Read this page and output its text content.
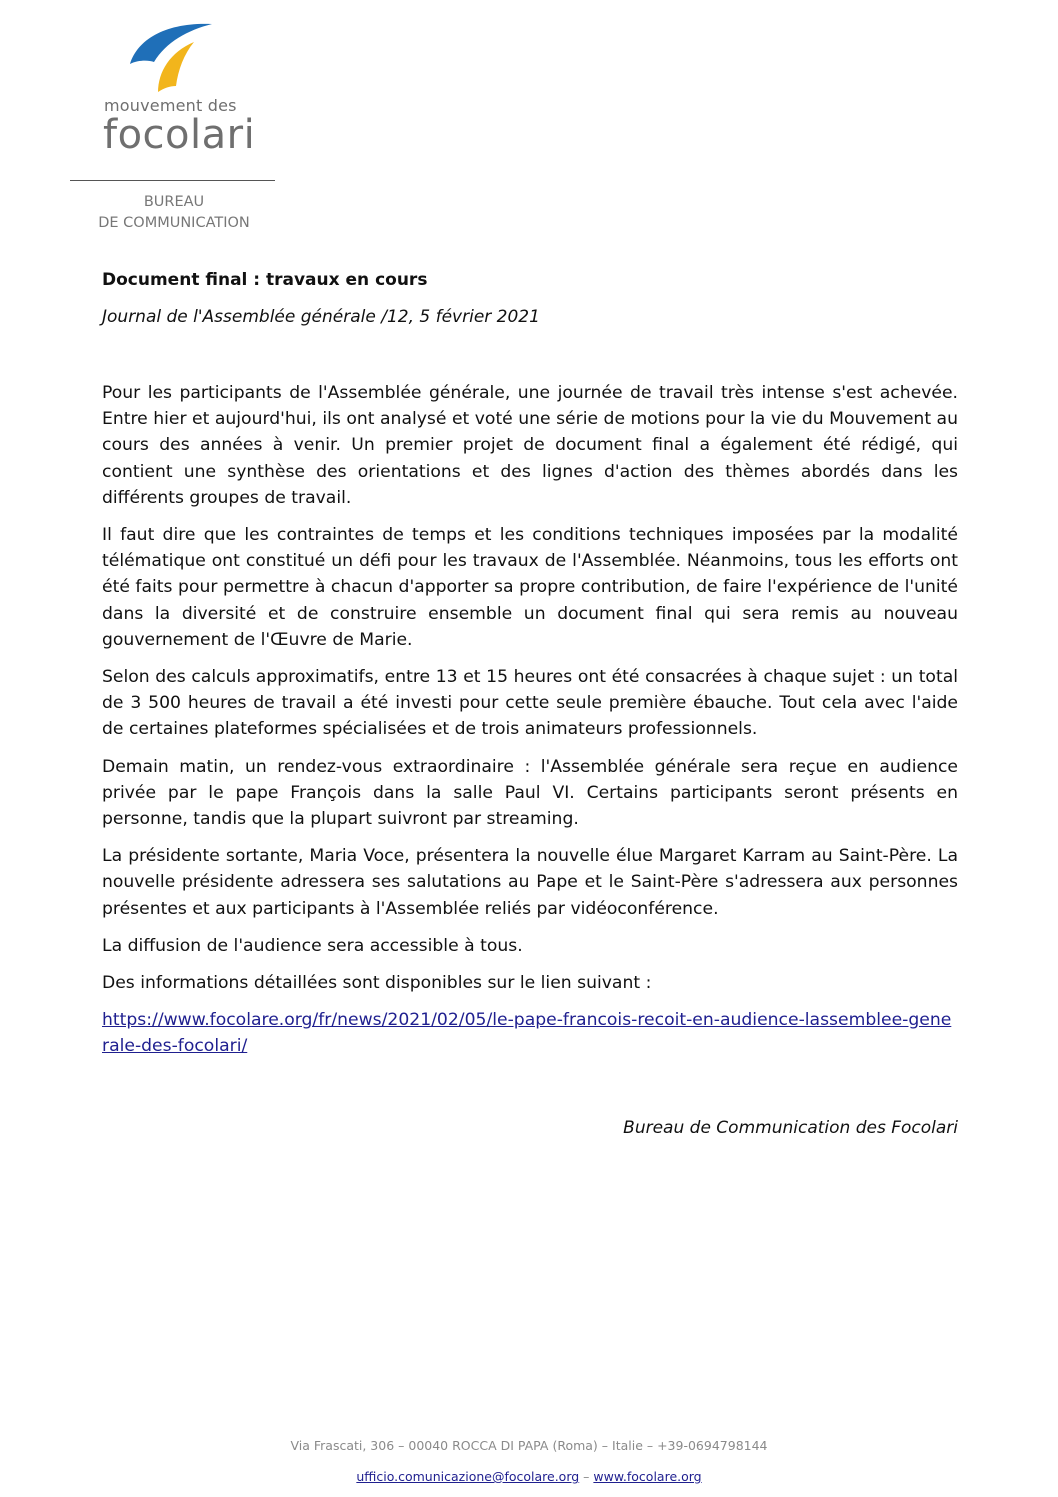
mouvement des
focolari
BUREAU
DE COMMUNICATION
Document final : travaux en cours
Journal de l'Assemblée générale /12, 5 février 2021

Pour les participants de l'Assemblée générale, une journée de travail très intense s'est achevée. Entre hier et aujourd'hui, ils ont analysé et voté une série de motions pour la vie du Mouvement au cours des années à venir. Un premier projet de document final a également été rédigé, qui contient une synthèse des orientations et des lignes d'action des thèmes abordés dans les différents groupes de travail.

Il faut dire que les contraintes de temps et les conditions techniques imposées par la modalité télématique ont constitué un défi pour les travaux de l'Assemblée. Néanmoins, tous les efforts ont été faits pour permettre à chacun d'apporter sa propre contribution, de faire l'expérience de l'unité dans la diversité et de construire ensemble un document final qui sera remis au nouveau gouvernement de l'Œuvre de Marie.

Selon des calculs approximatifs, entre 13 et 15 heures ont été consacrées à chaque sujet : un total de 3 500 heures de travail a été investi pour cette seule première ébauche. Tout cela avec l'aide de certaines plateformes spécialisées et de trois animateurs professionnels.

Demain matin, un rendez-vous extraordinaire : l'Assemblée générale sera reçue en audience privée par le pape François dans la salle Paul VI. Certains participants seront présents en personne, tandis que la plupart suivront par streaming.

La présidente sortante, Maria Voce, présentera la nouvelle élue Margaret Karram au Saint-Père. La nouvelle présidente adressera ses salutations au Pape et le Saint-Père s'adressera aux personnes présentes et aux participants à l'Assemblée reliés par vidéoconférence.

La diffusion de l'audience sera accessible à tous.

Des informations détaillées sont disponibles sur le lien suivant :

https://www.focolare.org/fr/news/2021/02/05/le-pape-francois-recoit-en-audience-lassemblee-generale-des-focolari/

Bureau de Communication des Focolari
Via Frascati, 306 – 00040 ROCCA DI PAPA (Roma) – Italie – +39-0694798144
ufficio.comunicazione@focolare.org – www.focolare.org
